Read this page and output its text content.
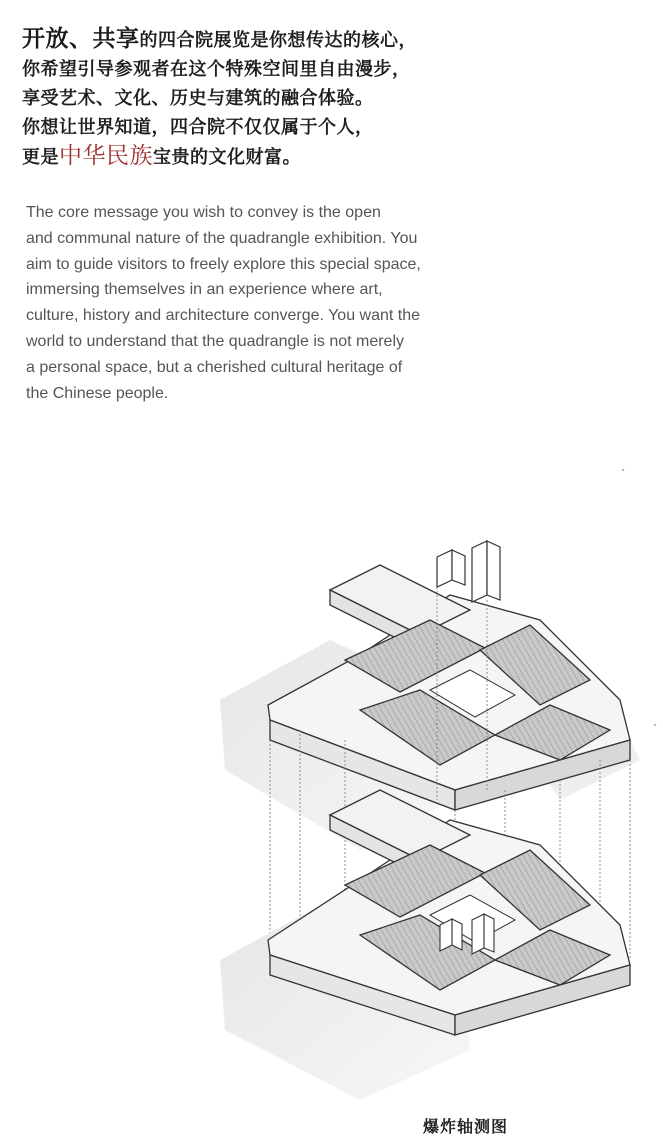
开放、共享的四合院展览是你想传达的核心，
你希望引导参观者在这个特殊空间里自由漫步，
享受艺术、文化、历史与建筑的融合体验。
你想让世界知道，四合院不仅仅属于个人，
更是中华民族宝贵的文化财富。
The core message you wish to convey is the open
and communal nature of the quadrangle exhibition. You
aim to guide visitors to freely explore this special space,
immersing themselves in an experience where art,
culture, history and architecture converge. You want the
world to understand that the quadrangle is not merely
a personal space, but a cherished cultural heritage of
the Chinese people.
爆炸轴测图
